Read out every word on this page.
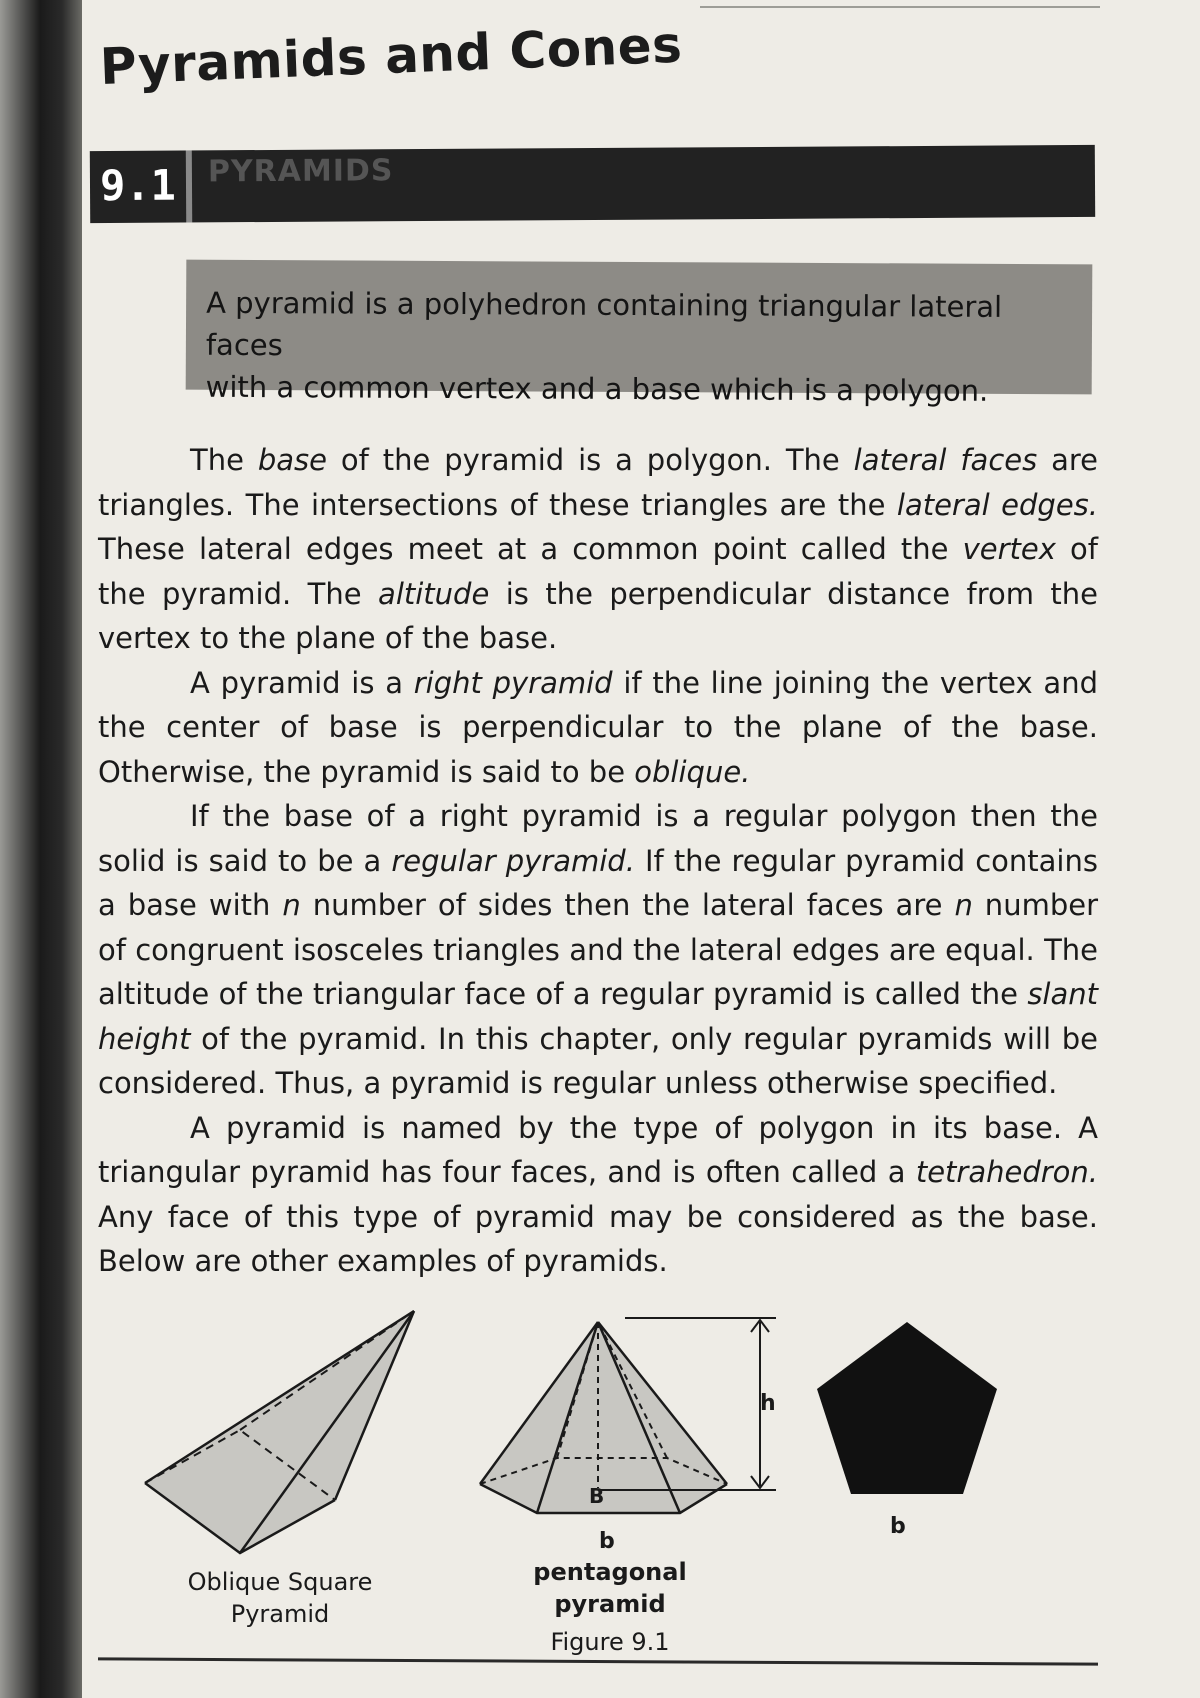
Pyramids and Cones
9.1 PYRAMIDS
A pyramid is a polyhedron containing triangular lateral faces
with a common vertex and a base which is a polygon.

The base of the pyramid is a polygon. The lateral faces are triangles. The intersections of these triangles are the lateral edges. These lateral edges meet at a common point called the vertex of the pyramid. The altitude is the perpendicular distance from the vertex to the plane of the base.

A pyramid is a right pyramid if the line joining the vertex and the center of base is perpendicular to the plane of the base. Otherwise, the pyramid is said to be oblique.

If the base of a right pyramid is a regular polygon then the solid is said to be a regular pyramid. If the regular pyramid contains a base with n number of sides then the lateral faces are n number of congruent isosceles triangles and the lateral edges are equal. The altitude of the triangular face of a regular pyramid is called the slant height of the pyramid. In this chapter, only regular pyramids will be considered. Thus, a pyramid is regular unless otherwise specified.

A pyramid is named by the type of polygon in its base. A triangular pyramid has four faces, and is often called a tetrahedron. Any face of this type of pyramid may be considered as the base. Below are other examples of pyramids.

h
B
b
b
Oblique Square
Pyramid
pentagonal
pyramid
Figure 9.1
